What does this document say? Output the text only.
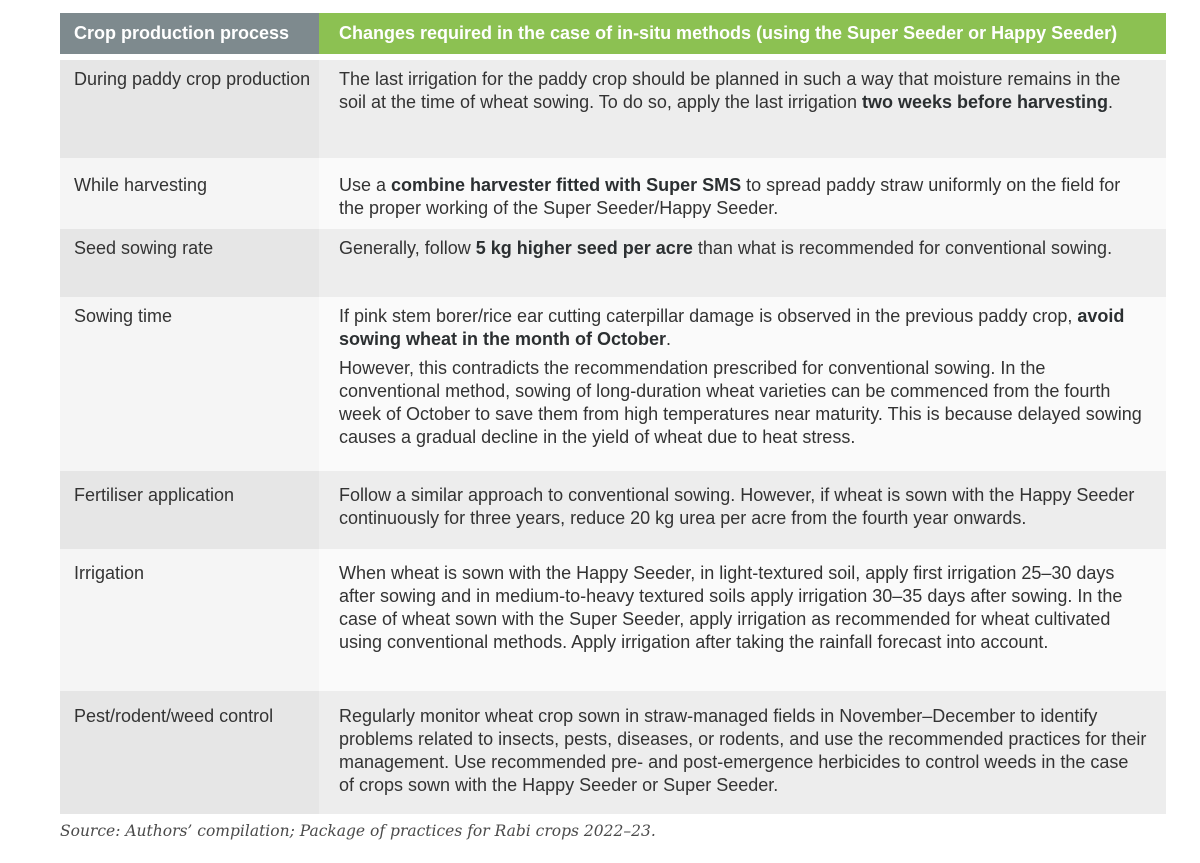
Crop production process	Changes required in the case of in-situ methods (using the Super Seeder or Happy Seeder)
During paddy crop production	The last irrigation for the paddy crop should be planned in such a way that moisture remains in the soil at the time of wheat sowing. To do so, apply the last irrigation two weeks before harvesting.

While harvesting	Use a combine harvester fitted with Super SMS to spread paddy straw uniformly on the field for the proper working of the Super Seeder/Happy Seeder.

Seed sowing rate	Generally, follow 5 kg higher seed per acre than what is recommended for conventional sowing.

Sowing time	If pink stem borer/rice ear cutting caterpillar damage is observed in the previous paddy crop, avoid sowing wheat in the month of October.

However, this contradicts the recommendation prescribed for conventional sowing. In the conventional method, sowing of long-duration wheat varieties can be commenced from the fourth week of October to save them from high temperatures near maturity. This is because delayed sowing causes a gradual decline in the yield of wheat due to heat stress.

Fertiliser application	Follow a similar approach to conventional sowing. However, if wheat is sown with the Happy Seeder continuously for three years, reduce 20 kg urea per acre from the fourth year onwards.

Irrigation	When wheat is sown with the Happy Seeder, in light-textured soil, apply first irrigation 25–30 days after sowing and in medium-to-heavy textured soils apply irrigation 30–35 days after sowing. In the case of wheat sown with the Super Seeder, apply irrigation as recommended for wheat cultivated using conventional methods. Apply irrigation after taking the rainfall forecast into account.

Pest/rodent/weed control	Regularly monitor wheat crop sown in straw-managed fields in November–December to identify problems related to insects, pests, diseases, or rodents, and use the recommended practices for their management. Use recommended pre- and post-emergence herbicides to control weeds in the case of crops sown with the Happy Seeder or Super Seeder.

Source: Authors’ compilation; Package of practices for Rabi crops 2022–23.
